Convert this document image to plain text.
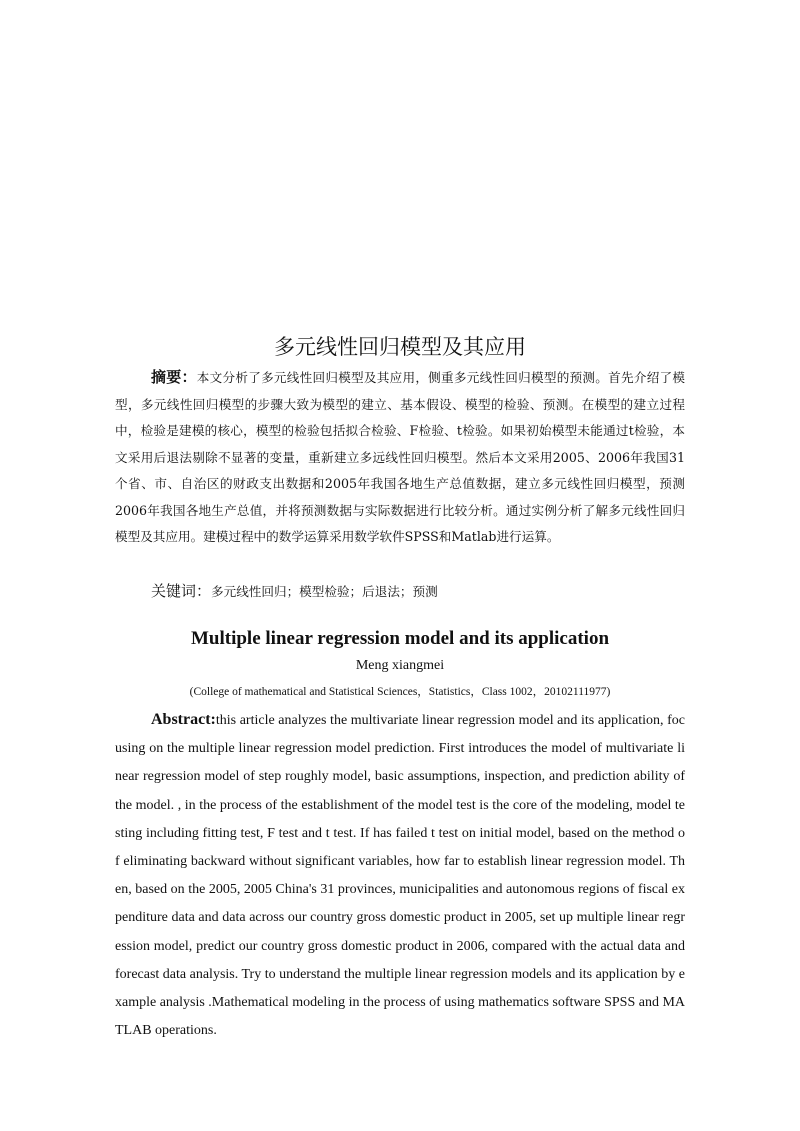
多元线性回归模型及其应用

摘要：本文分析了多元线性回归模型及其应用，侧重多元线性回归模型的预测。首先介绍了模型，多元线性回归模型的步骤大致为模型的建立、基本假设、模型的检验、预测。在模型的建立过程中，检验是建模的核心，模型的检验包括拟合检验、F检验、t检验。如果初始模型未能通过t检验，本文采用后退法剔除不显著的变量，重新建立多远线性回归模型。然后本文采用2005、2006年我国31个省、市、自治区的财政支出数据和2005年我国各地生产总值数据，建立多元线性回归模型，预测2006年我国各地生产总值，并将预测数据与实际数据进行比较分析。通过实例分析了解多元线性回归模型及其应用。建模过程中的数学运算采用数学软件SPSS和Matlab进行运算。

关键词：多元线性回归；模型检验；后退法；预测

Multiple linear regression model and its application

Meng xiangmei

(College of mathematical and Statistical Sciences，Statistics，Class 1002，20102111977)

Abstract:this article analyzes the multivariate linear regression model and its application, focusing on the multiple linear regression model prediction. First introduces the model of multivariate linear regression model of step roughly model, basic assumptions, inspection, and prediction ability of the model. , in the process of the establishment of the model test is the core of the modeling, model testing including fitting test, F test and t test. If has failed t test on initial model, based on the method of eliminating backward without significant variables, how far to establish linear regression model. Then, based on the 2005, 2005 China's 31 provinces, municipalities and autonomous regions of fiscal expenditure data and data across our country gross domestic product in 2005, set up multiple linear regression model, predict our country gross domestic product in 2006, compared with the actual data and forecast data analysis. Try to understand the multiple linear regression models and its application by example analysis .Mathematical modeling in the process of using mathematics software SPSS and MATLAB operations.
